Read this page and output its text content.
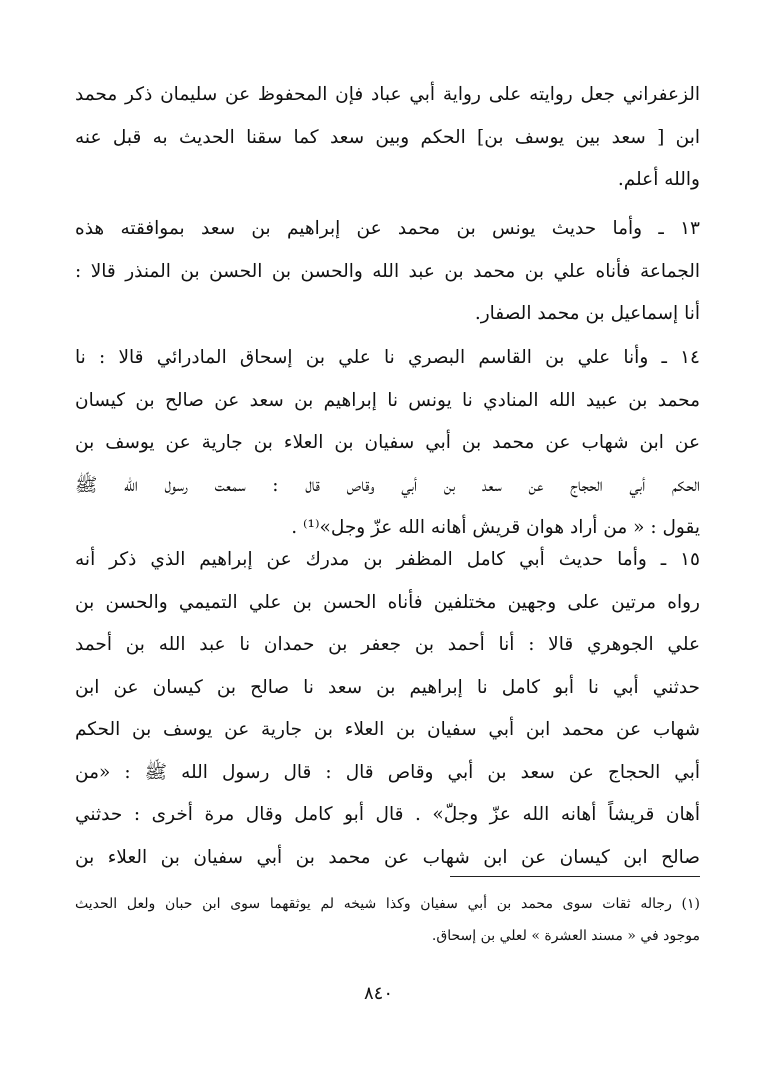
الزعفراني جعل روايته على رواية أبي عباد فإن المحفوظ عن سليمان ذكر محمد
ابن [ سعد بين يوسف بن] الحكم وبين سعد كما سقنا الحديث به قبل عنه
والله أعلم.
١٣ ـ وأما حديث يونس بن محمد عن إبراهيم بن سعد بموافقته هذه
الجماعة فأناه علي بن محمد بن عبد الله والحسن بن الحسن بن المنذر قالا :
أنا إسماعيل بن محمد الصفار.
١٤ ـ وأنا علي بن القاسم البصري نا علي بن إسحاق المادرائي قالا : نا
محمد بن عبيد الله المنادي نا يونس نا إبراهيم بن سعد عن صالح بن كيسان
عن ابن شهاب عن محمد بن أبي سفيان بن العلاء بن جارية عن يوسف بن
الحكم أبي الحجاج عن سعد بن أبي وقاص قال : سمعت رسول الله ﷺ
يقول : « من أراد هوان قريش أهانه الله عزّ وجل»⁽¹⁾ .
١٥ ـ وأما حديث أبي كامل المظفر بن مدرك عن إبراهيم الذي ذكر أنه
رواه مرتين على وجهين مختلفين فأناه الحسن بن علي التميمي والحسن بن
علي الجوهري قالا : أنا أحمد بن جعفر بن حمدان نا عبد الله بن أحمد
حدثني أبي نا أبو كامل نا إبراهيم بن سعد نا صالح بن كيسان عن ابن
شهاب عن محمد ابن أبي سفيان بن العلاء بن جارية عن يوسف بن الحكم
أبي الحجاج عن سعد بن أبي وقاص قال : قال رسول الله ﷺ : «من
أهان قريشاً أهانه الله عزّ وجلّ» . قال أبو كامل وقال مرة أخرى : حدثني
صالح ابن كيسان عن ابن شهاب عن محمد بن أبي سفيان بن العلاء بن
(١) رجاله ثقات سوى محمد بن أبي سفيان وكذا شيخه لم يوثقهما سوى ابن حبان ولعل الحديث
موجود في « مسند العشرة » لعلي بن إسحاق.
٨٤٠
